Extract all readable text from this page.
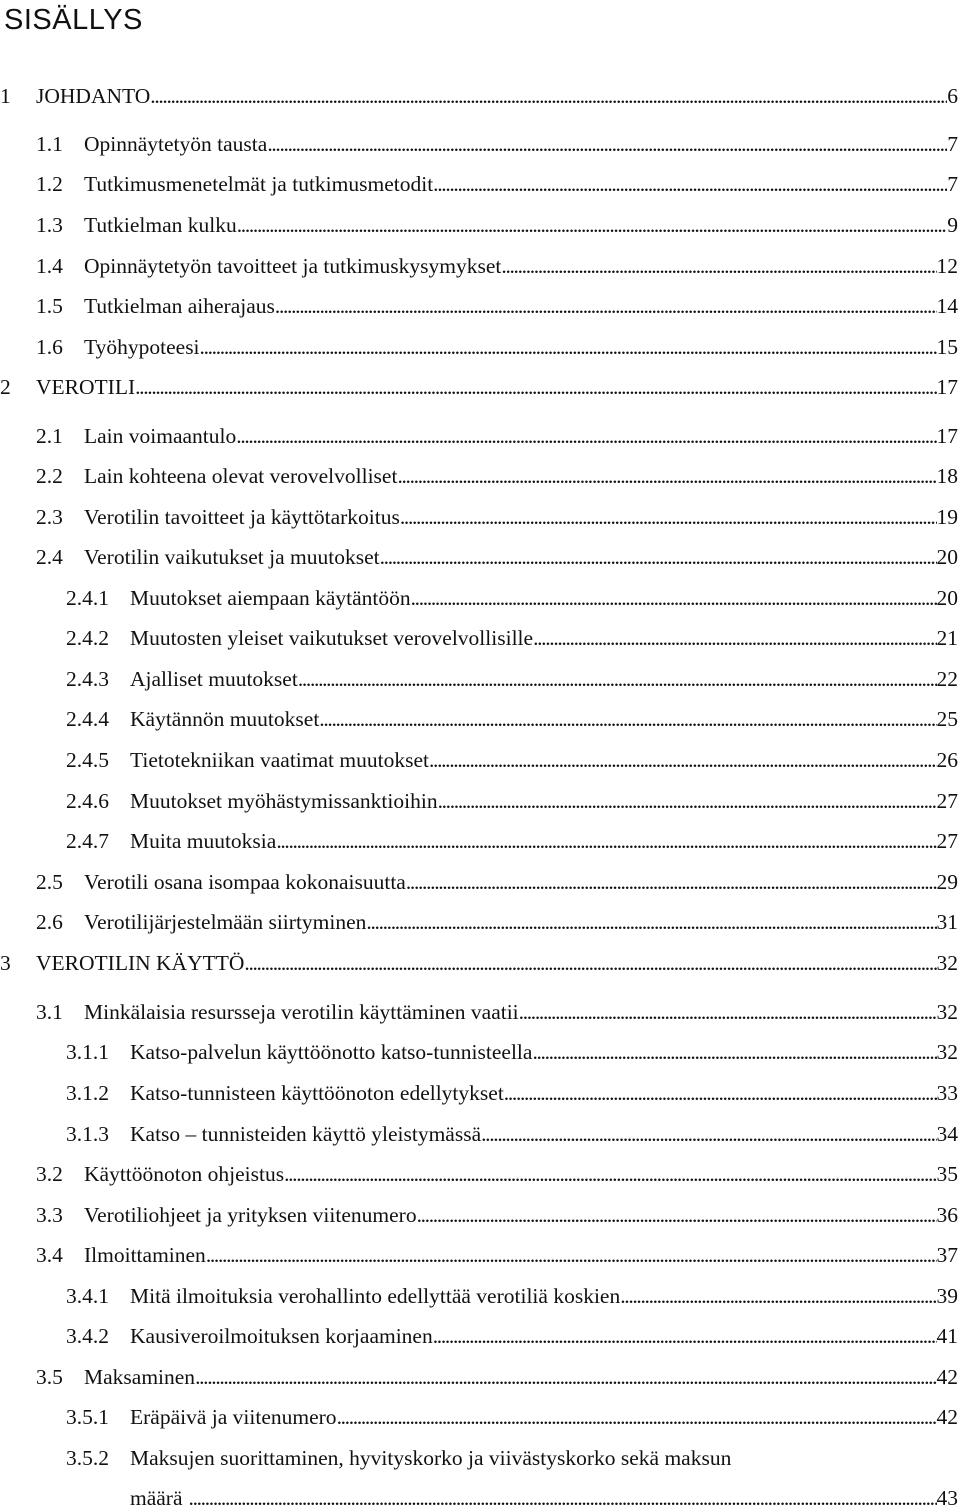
SISÄLLYS
1 JOHDANTO . . .	6
1.1 Opinnäytetyön tausta . . .	7
1.2 Tutkimusmenetelmät ja tutkimusmetodit . . .	7
1.3 Tutkielman kulku . . .	9
1.4 Opinnäytetyön tavoitteet ja tutkimuskysymykset . . .	12
1.5 Tutkielman aiherajaus . . .	14
1.6 Työhypoteesi . . .	15
2 VEROTILI . . .	17
2.1 Lain voimaantulo . . .	17
2.2 Lain kohteena olevat verovelvolliset . . .	18
2.3 Verotilin tavoitteet ja käyttötarkoitus . . .	19
2.4 Verotilin vaikutukset ja muutokset . . .	20
2.4.1 Muutokset aiempaan käytäntöön . . .	20
2.4.2 Muutosten yleiset vaikutukset verovelvollisille . . .	21
2.4.3 Ajalliset muutokset . . .	22
2.4.4 Käytännön muutokset . . .	25
2.4.5 Tietotekniikan vaatimat muutokset . . .	26
2.4.6 Muutokset myöhästymissanktioihin . . .	27
2.4.7 Muita muutoksia . . .	27
2.5 Verotili osana isompaa kokonaisuutta . . .	29
2.6 Verotilijärjestelmään siirtyminen . . .	31
3 VEROTILIN KÄYTTÖ . . .	32
3.1 Minkälaisia resursseja verotilin käyttäminen vaatii . . .	32
3.1.1 Katso-palvelun käyttöönotto katso-tunnisteella . . .	32
3.1.2 Katso-tunnisteen käyttöönoton edellytykset . . .	33
3.1.3 Katso – tunnisteiden käyttö yleistymässä . . .	34
3.2 Käyttöönoton ohjeistus . . .	35
3.3 Verotiliohjeet ja yrityksen viitenumero . . .	36
3.4 Ilmoittaminen . . .	37
3.4.1 Mitä ilmoituksia verohallinto edellyttää verotiliä koskien . . .	39
3.4.2 Kausiveroilmoituksen korjaaminen . . .	41
3.5 Maksaminen . . .	42
3.5.1 Eräpäivä ja viitenumero . . .	42
3.5.2 Maksujen suorittaminen, hyvityskorko ja viivästyskorko sekä maksun
määrä . . .	43
